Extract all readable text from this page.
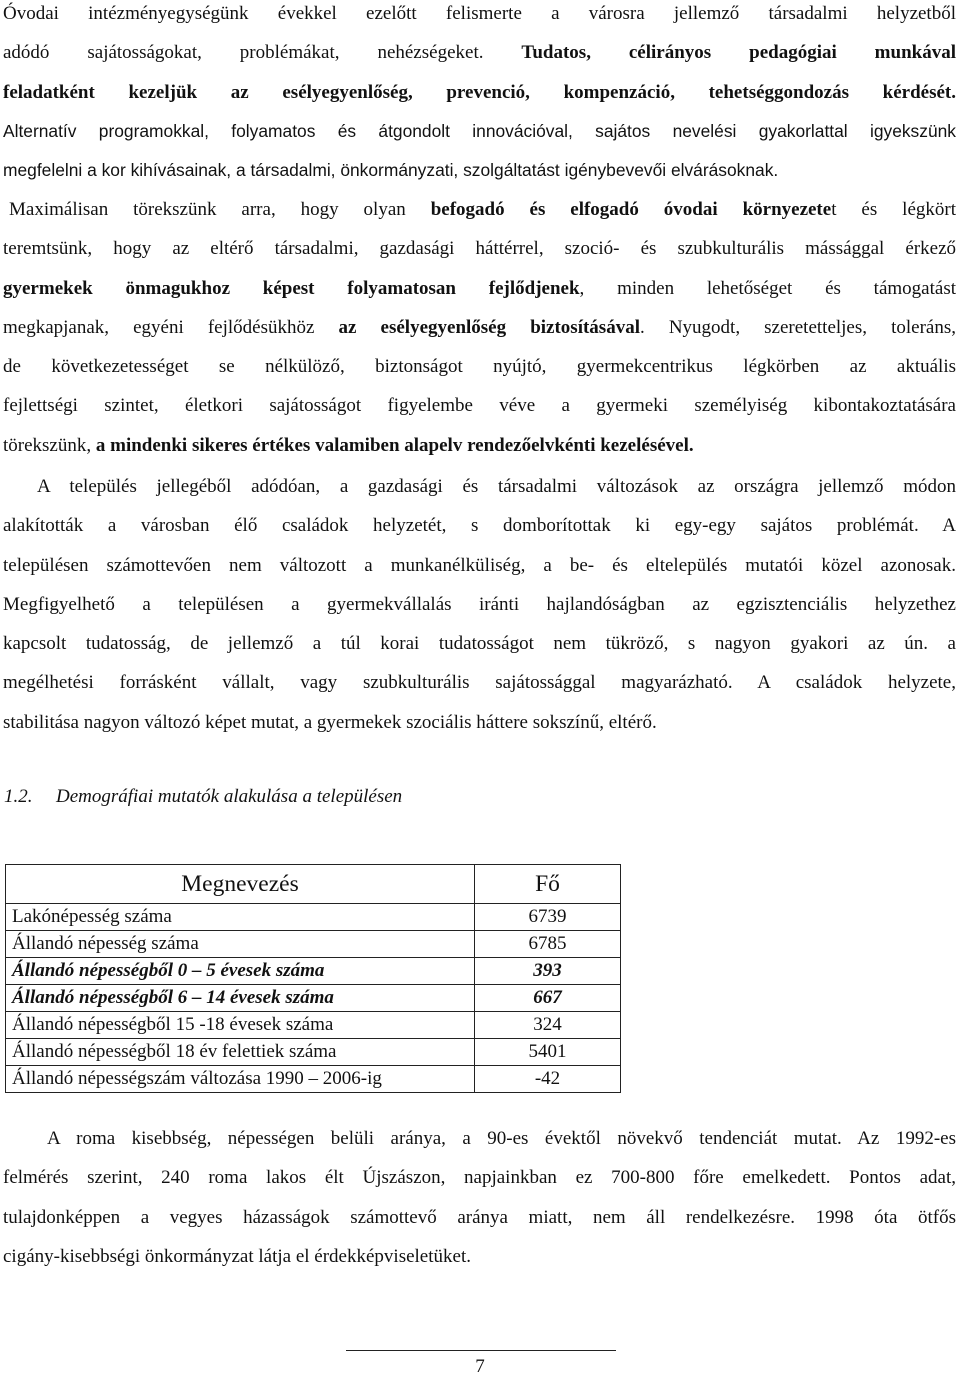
Óvodai intézményegységünk évekkel ezelőtt felismerte a városra jellemző társadalmi helyzetből
adódó sajátosságokat, problémákat, nehézségeket. Tudatos, célirányos pedagógiai munkával
feladatként kezeljük az esélyegyenlőség, prevenció, kompenzáció, tehetséggondozás kérdését.
Alternatív programokkal, folyamatos és átgondolt innovációval, sajátos nevelési gyakorlattal igyekszünk
megfelelni a kor kihívásainak, a társadalmi, önkormányzati, szolgáltatást igénybevevői elvárásoknak.
Maximálisan törekszünk arra, hogy olyan befogadó és elfogadó óvodai környezetet és légkört
teremtsünk, hogy az eltérő társadalmi, gazdasági háttérrel, szoció- és szubkulturális mássággal érkező
gyermekek önmagukhoz képest folyamatosan fejlődjenek, minden lehetőséget és támogatást
megkapjanak, egyéni fejlődésükhöz az esélyegyenlőség biztosításával. Nyugodt, szeretetteljes, toleráns,
de következetességet se nélkülöző, biztonságot nyújtó, gyermekcentrikus légkörben az aktuális
fejlettségi szintet, életkori sajátosságot figyelembe véve a gyermeki személyiség kibontakoztatására
törekszünk, a mindenki sikeres értékes valamiben alapelv rendezőelvkénti kezelésével.
A település jellegéből adódóan, a gazdasági és társadalmi változások az országra jellemző módon
alakították a városban élő családok helyzetét, s domborítottak ki egy-egy sajátos problémát. A
településen számottevően nem változott a munkanélküliség, a be- és eltelepülés mutatói közel azonosak.
Megfigyelhető a településen a gyermekvállalás iránti hajlandóságban az egzisztenciális helyzethez
kapcsolt tudatosság, de jellemző a túl korai tudatosságot nem tükröző, s nagyon gyakori az ún. a
megélhetési forrásként vállalt, vagy szubkulturális sajátossággal magyarázható. A családok helyzete,
stabilitása nagyon változó képet mutat, a gyermekek szociális háttere sokszínű, eltérő.
1.2. Demográfiai mutatók alakulása a településen
Megnevezés	Fő
Lakónépesség száma	6739
Állandó népesség száma	6785
Állandó népességből 0 – 5 évesek száma	393
Állandó népességből 6 – 14 évesek száma	667
Állandó népességből 15 -18 évesek száma	324
Állandó népességből 18 év felettiek száma	5401
Állandó népességszám változása 1990 – 2006-ig	-42
A roma kisebbség, népességen belüli aránya, a 90-es évektől növekvő tendenciát mutat. Az 1992-es
felmérés szerint, 240 roma lakos élt Újszászon, napjainkban ez 700-800 főre emelkedett. Pontos adat,
tulajdonképpen a vegyes házasságok számottevő aránya miatt, nem áll rendelkezésre. 1998 óta ötfős
cigány-kisebbségi önkormányzat látja el érdekképviseletüket.
7
